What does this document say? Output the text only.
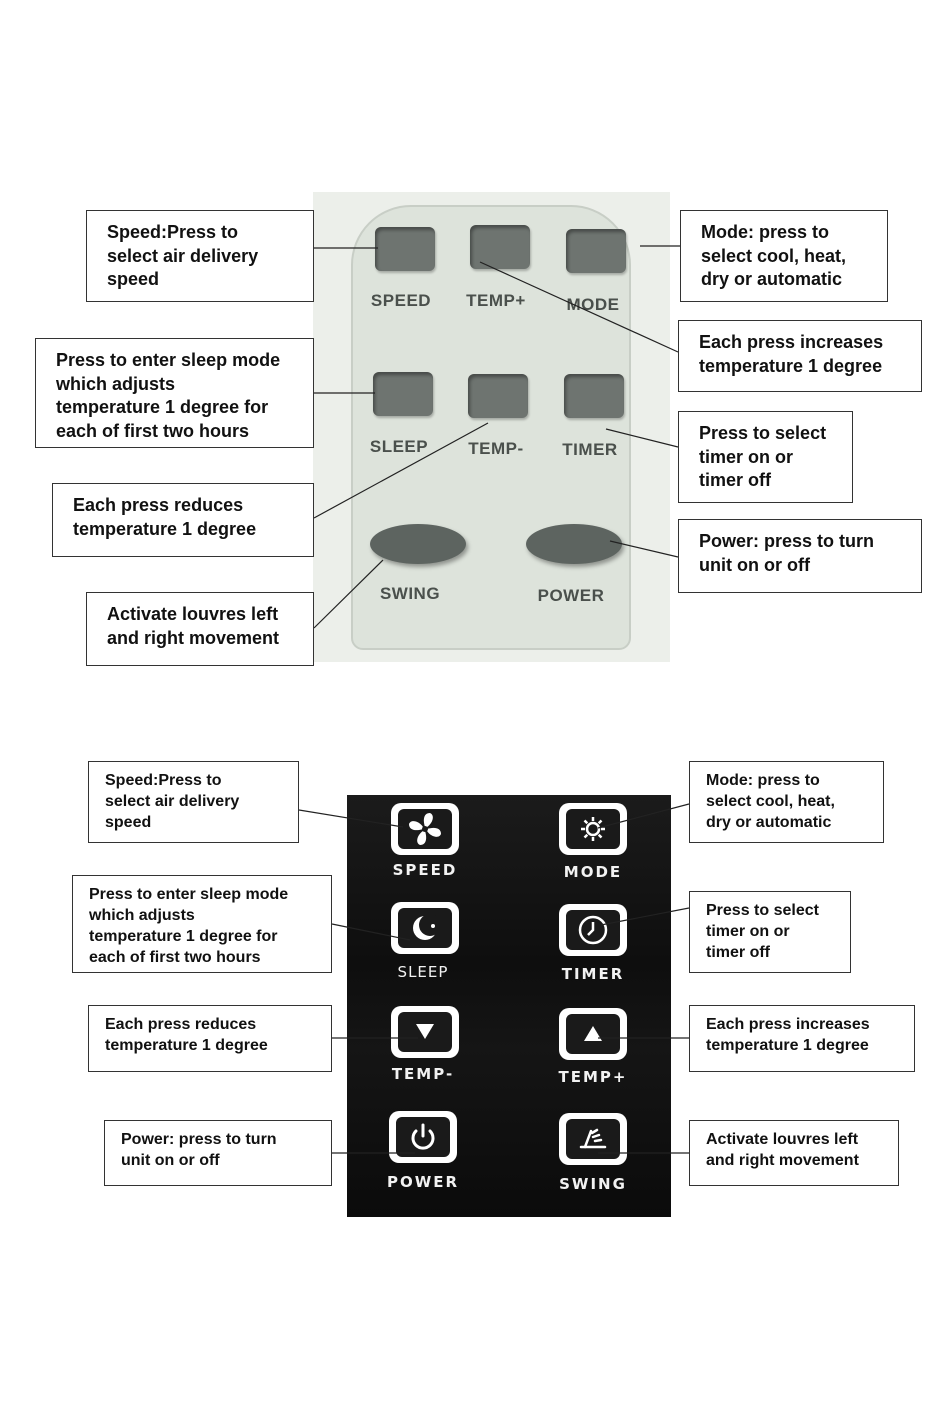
SPEED	TEMP+	MODE
SLEEP	TEMP-	TIMER
SWING	POWER
SPEED	MODE
SLEEP	TIMER
TEMP-	TEMP+
POWER	SWING
Speed:Press to
select air delivery
speed
Mode: press to
select cool, heat,
dry or automatic
Each press increases
temperature 1 degree
Press to enter sleep mode
which adjusts
temperature 1 degree for
each of first two hours	Press to select
timer on or
timer off
Each press reduces
temperature 1 degree
Power: press to turn
unit on or off
Activate louvres left
and right movement
Speed:Press to
select air delivery
speed
Mode: press to
select cool, heat,
dry or automatic
Press to enter sleep mode
which adjusts
temperature 1 degree for
each of first two hours
Press to select
timer on or
timer off
Each press reduces
temperature 1 degree
Each press increases
temperature 1 degree
Power: press to turn
unit on or off
Activate louvres left
and right movement
